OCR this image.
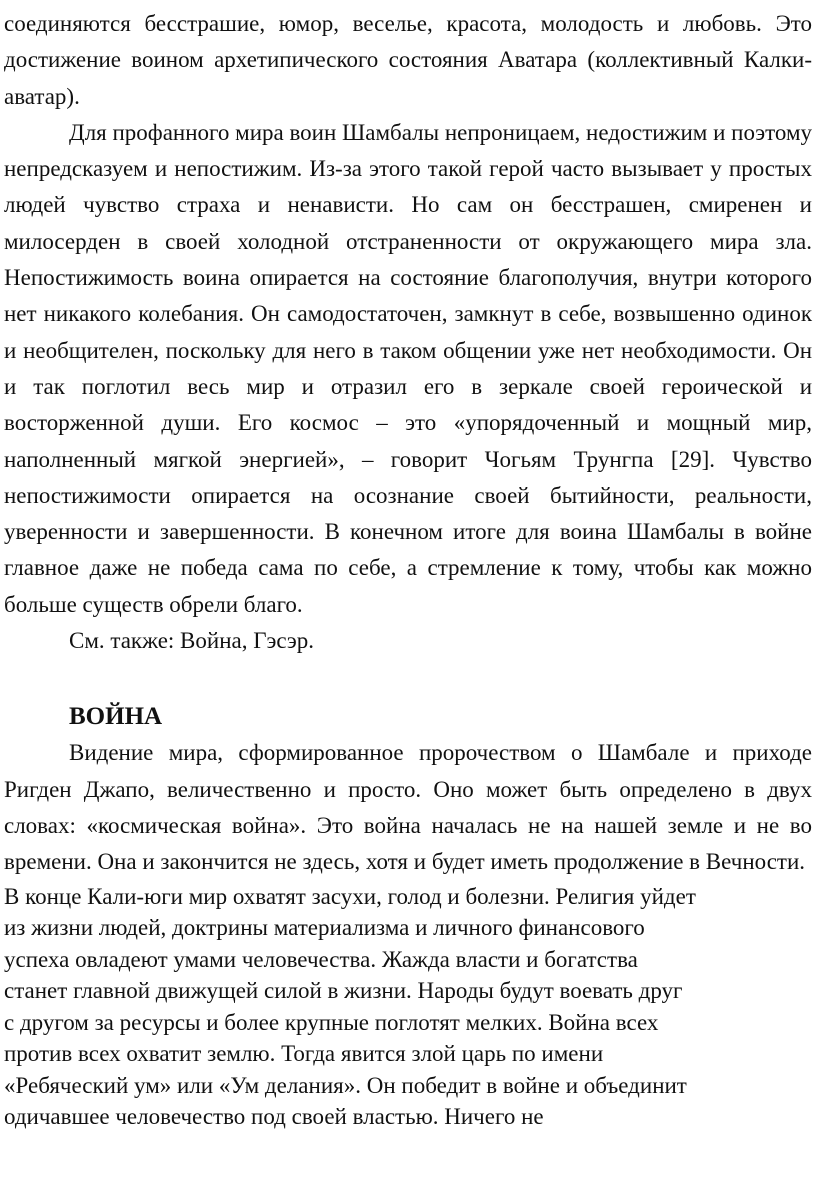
соединяются бесстрашие, юмор, веселье, красота, молодость и любовь. Это достижение воином архетипического состояния Аватара (коллективный Калки-аватар).

Для профанного мира воин Шамбалы непроницаем, недостижим и поэтому непредсказуем и непостижим. Из-за этого такой герой часто вызывает у простых людей чувство страха и ненависти. Но сам он бесстрашен, смиренен и милосерден в своей холодной отстраненности от окружающего мира зла. Непостижимость воина опирается на состояние благополучия, внутри которого нет никакого колебания. Он самодостаточен, замкнут в себе, возвышенно одинок и необщителен, поскольку для него в таком общении уже нет необходимости. Он и так поглотил весь мир и отразил его в зеркале своей героической и восторженной души. Его космос – это «упорядоченный и мощный мир, наполненный мягкой энергией», – говорит Чогьям Трунгпа [29]. Чувство непостижимости опирается на осознание своей бытийности, реальности, уверенности и завершенности. В конечном итоге для воина Шамбалы в войне главное даже не победа сама по себе, а стремление к тому, чтобы как можно больше существ обрели благо.

См. также: Война, Гэсэр.

ВОЙНА

Видение мира, сформированное пророчеством о Шамбале и приходе Ригден Джапо, величественно и просто. Оно может быть определено в двух словах: «космическая война». Это война началась не на нашей земле и не во времени. Она и закончится не здесь, хотя и будет иметь продолжение в Вечности.

В конце Кали-юги мир охватят засухи, голод и болезни. Религия уйдет

из жизни людей, доктрины материализма и личного финансового

успеха овладеют умами человечества. Жажда власти и богатства

станет главной движущей силой в жизни. Народы будут воевать друг

с другом за ресурсы и более крупные поглотят мелких. Война всех

против всех охватит землю. Тогда явится злой царь по имени

«Ребяческий ум» или «Ум делания». Он победит в войне и объединит

одичавшее человечество под своей властью. Ничего не
